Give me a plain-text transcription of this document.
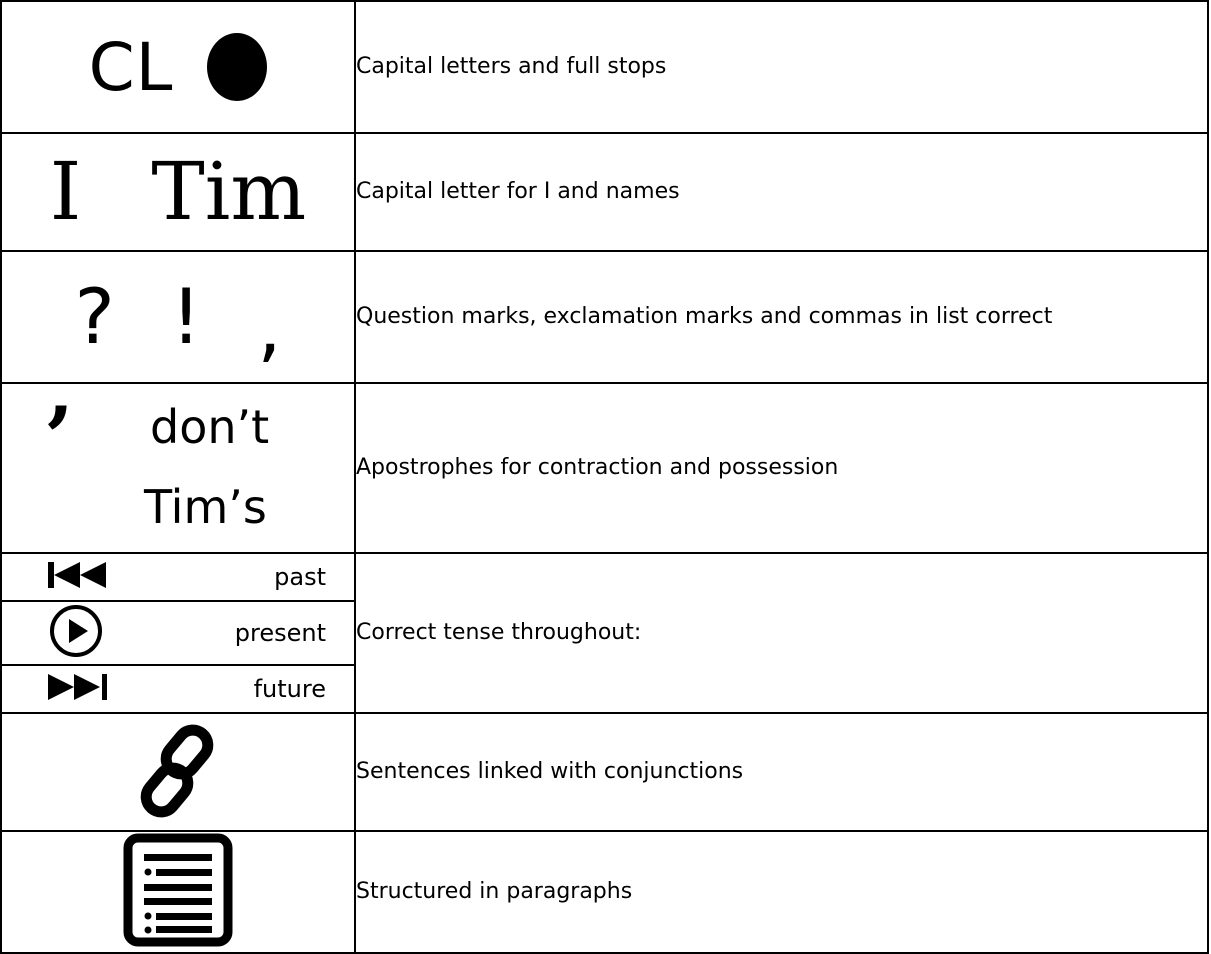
CL	Capital letters and full stops

I Tim	Capital letter for I and names

? ! ,	Question marks, exclamation marks and commas in list correct

’ don’t
Tim’s	Apostrophes for contraction and possession

past	Correct tense throughout:

present	

future	

	Sentences linked with conjunctions

	Structured in paragraphs
